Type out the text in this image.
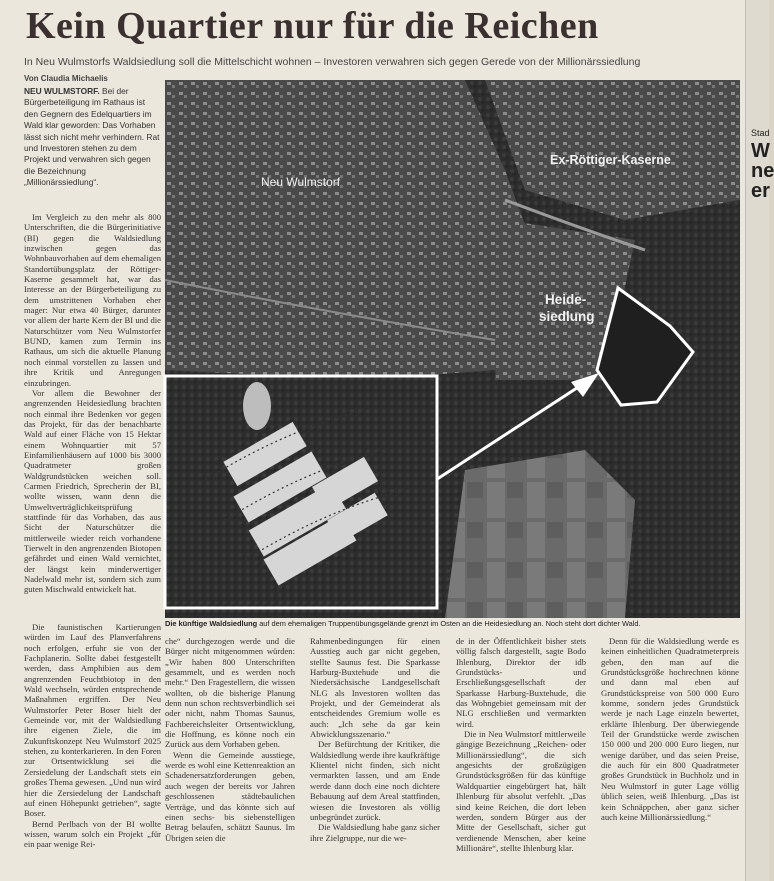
Kein Quartier nur für die Reichen
In Neu Wulmstorfs Waldsiedlung soll die Mittelschicht wohnen – Investoren verwahren sich gegen Gerede von der Millionärssiedlung
Von Claudia Michaelis
NEU WULMSTORF. Bei der Bürgerbeteiligung im Rathaus ist den Gegnern des Edelquartiers im Wald klar geworden: Das Vorhaben lässt sich nicht mehr verhindern. Rat und Investoren stehen zu dem Projekt und verwahren sich gegen die Bezeichnung „Millionärssiedlung“.

Im Vergleich zu den mehr als 800 Unterschriften, die die Bürgerinitiative (BI) gegen die Waldsiedlung inzwischen gegen das Wohnbauvorhaben auf dem ehemaligen Standortübungsplatz der Röttiger-Kaserne gesammelt hat, war das Interesse an der Bürgerbeteiligung zu dem umstrittenen Vorhaben eher mager: Nur etwa 40 Bürger, darunter vor allem der harte Kern der BI und die Naturschützer vom Neu Wulmstorfer BUND, kamen zum Termin ins Rathaus, um sich die aktuelle Planung noch einmal vorstellen zu lassen und ihre Kritik und Anregungen einzubringen.

Vor allem die Bewohner der angrenzenden Heidesiedlung brachten noch einmal ihre Bedenken vor gegen das Projekt, für das der benachbarte Wald auf einer Fläche von 15 Hektar einem Wohnquartier mit 57 Einfamilienhäusern auf 1000 bis 3000 Quadratmeter großen Waldgrundstücken weichen soll. Carmen Friedrich, Sprecherin der BI, wollte wissen, wann denn die Umweltverträglichkeitsprüfung stattfinde für das Vorhaben, das aus Sicht der Naturschützer die mittlerweile wieder reich vorhandene Tierwelt in den angrenzenden Biotopen gefährdet und einen Wald vernichtet, der längst kein minderwertiger Nadelwald mehr ist, sondern sich zum guten Mischwald entwickelt hat.

Die faunistischen Kartierungen würden im Lauf des Planverfahrens noch erfolgen, erfuhr sie von der Fachplanerin. Sollte dabei festgestellt werden, dass Amphibien aus dem angrenzenden Feuchtbiotop in den Wald wechseln, würden entsprechende Maßnahmen ergriffen. Der Neu Wulmstorfer Peter Boser hielt der Gemeinde vor, mit der Waldsiedlung ihre eigenen Ziele, die im Zukunftskonzept Neu Wulmstorf 2025 stehen, zu konterkarieren. In den Foren zur Ortsentwicklung sei die Zersiedelung der Landschaft stets ein großes Thema gewesen. „Und nun wird hier die Zersiedelung der Landschaft auf einen Höhepunkt getrieben“, sagte Boser.

Bernd Perlbach von der BI wollte wissen, warum solch ein Projekt „für ein paar wenige Rei-

che“ durchgezogen werde und die Bürger nicht mitgenommen würden: „Wir haben 800 Unterschriften gesammelt, und es werden noch mehr.“ Den Fragestellern, die wissen wollten, ob die bisherige Planung denn nun schon rechtsverbindlich sei oder nicht, nahm Thomas Saunus, Fachbereichsleiter Ortsentwicklung, die Hoffnung, es könne noch ein Zurück aus dem Vorhaben geben.

Wenn die Gemeinde ausstiege, werde es wohl eine Kettenreaktion an Schadenersatzforderungen geben, auch wegen der bereits vor Jahren geschlossenen städtebaulichen Verträge, und das könnte sich auf einen sechs- bis siebenstelligen Betrag belaufen, schätzt Saunus. Im Übrigen seien die

Rahmenbedingungen für einen Ausstieg auch gar nicht gegeben, stellte Saunus fest. Die Sparkasse Harburg-Buxtehude und die Niedersächsische Landgesellschaft NLG als Investoren wollten das Projekt, und der Gemeinderat als entscheidendes Gremium wolle es auch: „Ich sehe da gar kein Abwicklungsszenario.“

Der Befürchtung der Kritiker, die Waldsiedlung werde ihre kaufkräftige Klientel nicht finden, sich nicht vermarkten lassen, und am Ende werde dann doch eine noch dichtere Bebauung auf dem Areal stattfinden, wiesen die Investoren als völlig unbegründet zurück.

Die Waldsiedlung habe ganz sicher ihre Zielgruppe, nur die we-

de in der Öffentlichkeit bisher stets völlig falsch dargestellt, sagte Bodo Ihlenburg, Direktor der idb Grundstücks- und Erschließungsgesellschaft der Sparkasse Harburg-Buxtehude, die das Wohngebiet gemeinsam mit der NLG erschließen und vermarkten wird.

Die in Neu Wulmstorf mittlerweile gängige Bezeichnung „Reichen- oder Millionärssiedlung“, die sich angesichts der großzügigen Grundstücksgrößen für das künftige Waldquartier eingebürgert hat, hält Ihlenburg für absolut verfehlt. „Das sind keine Reichen, die dort leben werden, sondern Bürger aus der Mitte der Gesellschaft, sicher gut verdienende Menschen, aber keine Millionäre“, stellte Ihlenburg klar.

Denn für die Waldsiedlung werde es keinen einheitlichen Quadratmeterpreis geben, den man auf die Grundstücksgröße hochrechnen könne und dann mal eben auf Grundstückspreise von 500 000 Euro komme, sondern jedes Grundstück werde je nach Lage einzeln bewertet, erklärte Ihlenburg. Der überwiegende Teil der Grundstücke werde zwischen 150 000 und 200 000 Euro liegen, nur wenige darüber, und das seien Preise, die auch für ein 800 Quadratmeter großes Grundstück in Buchholz und in Neu Wulmstorf in guter Lage völlig üblich seien, weiß Ihlenburg. „Das ist kein Schnäppchen, aber ganz sicher auch keine Millionärssiedlung.“

Neu Wulmstorf
Ex-Röttiger-Kaserne
Heide-
siedlung
Die künftige Waldsiedlung auf dem ehemaligen Truppenübungsgelände grenzt im Osten an die Heidesiedlung an. Noch steht dort dichter Wald.
Stad
W
ne
er
